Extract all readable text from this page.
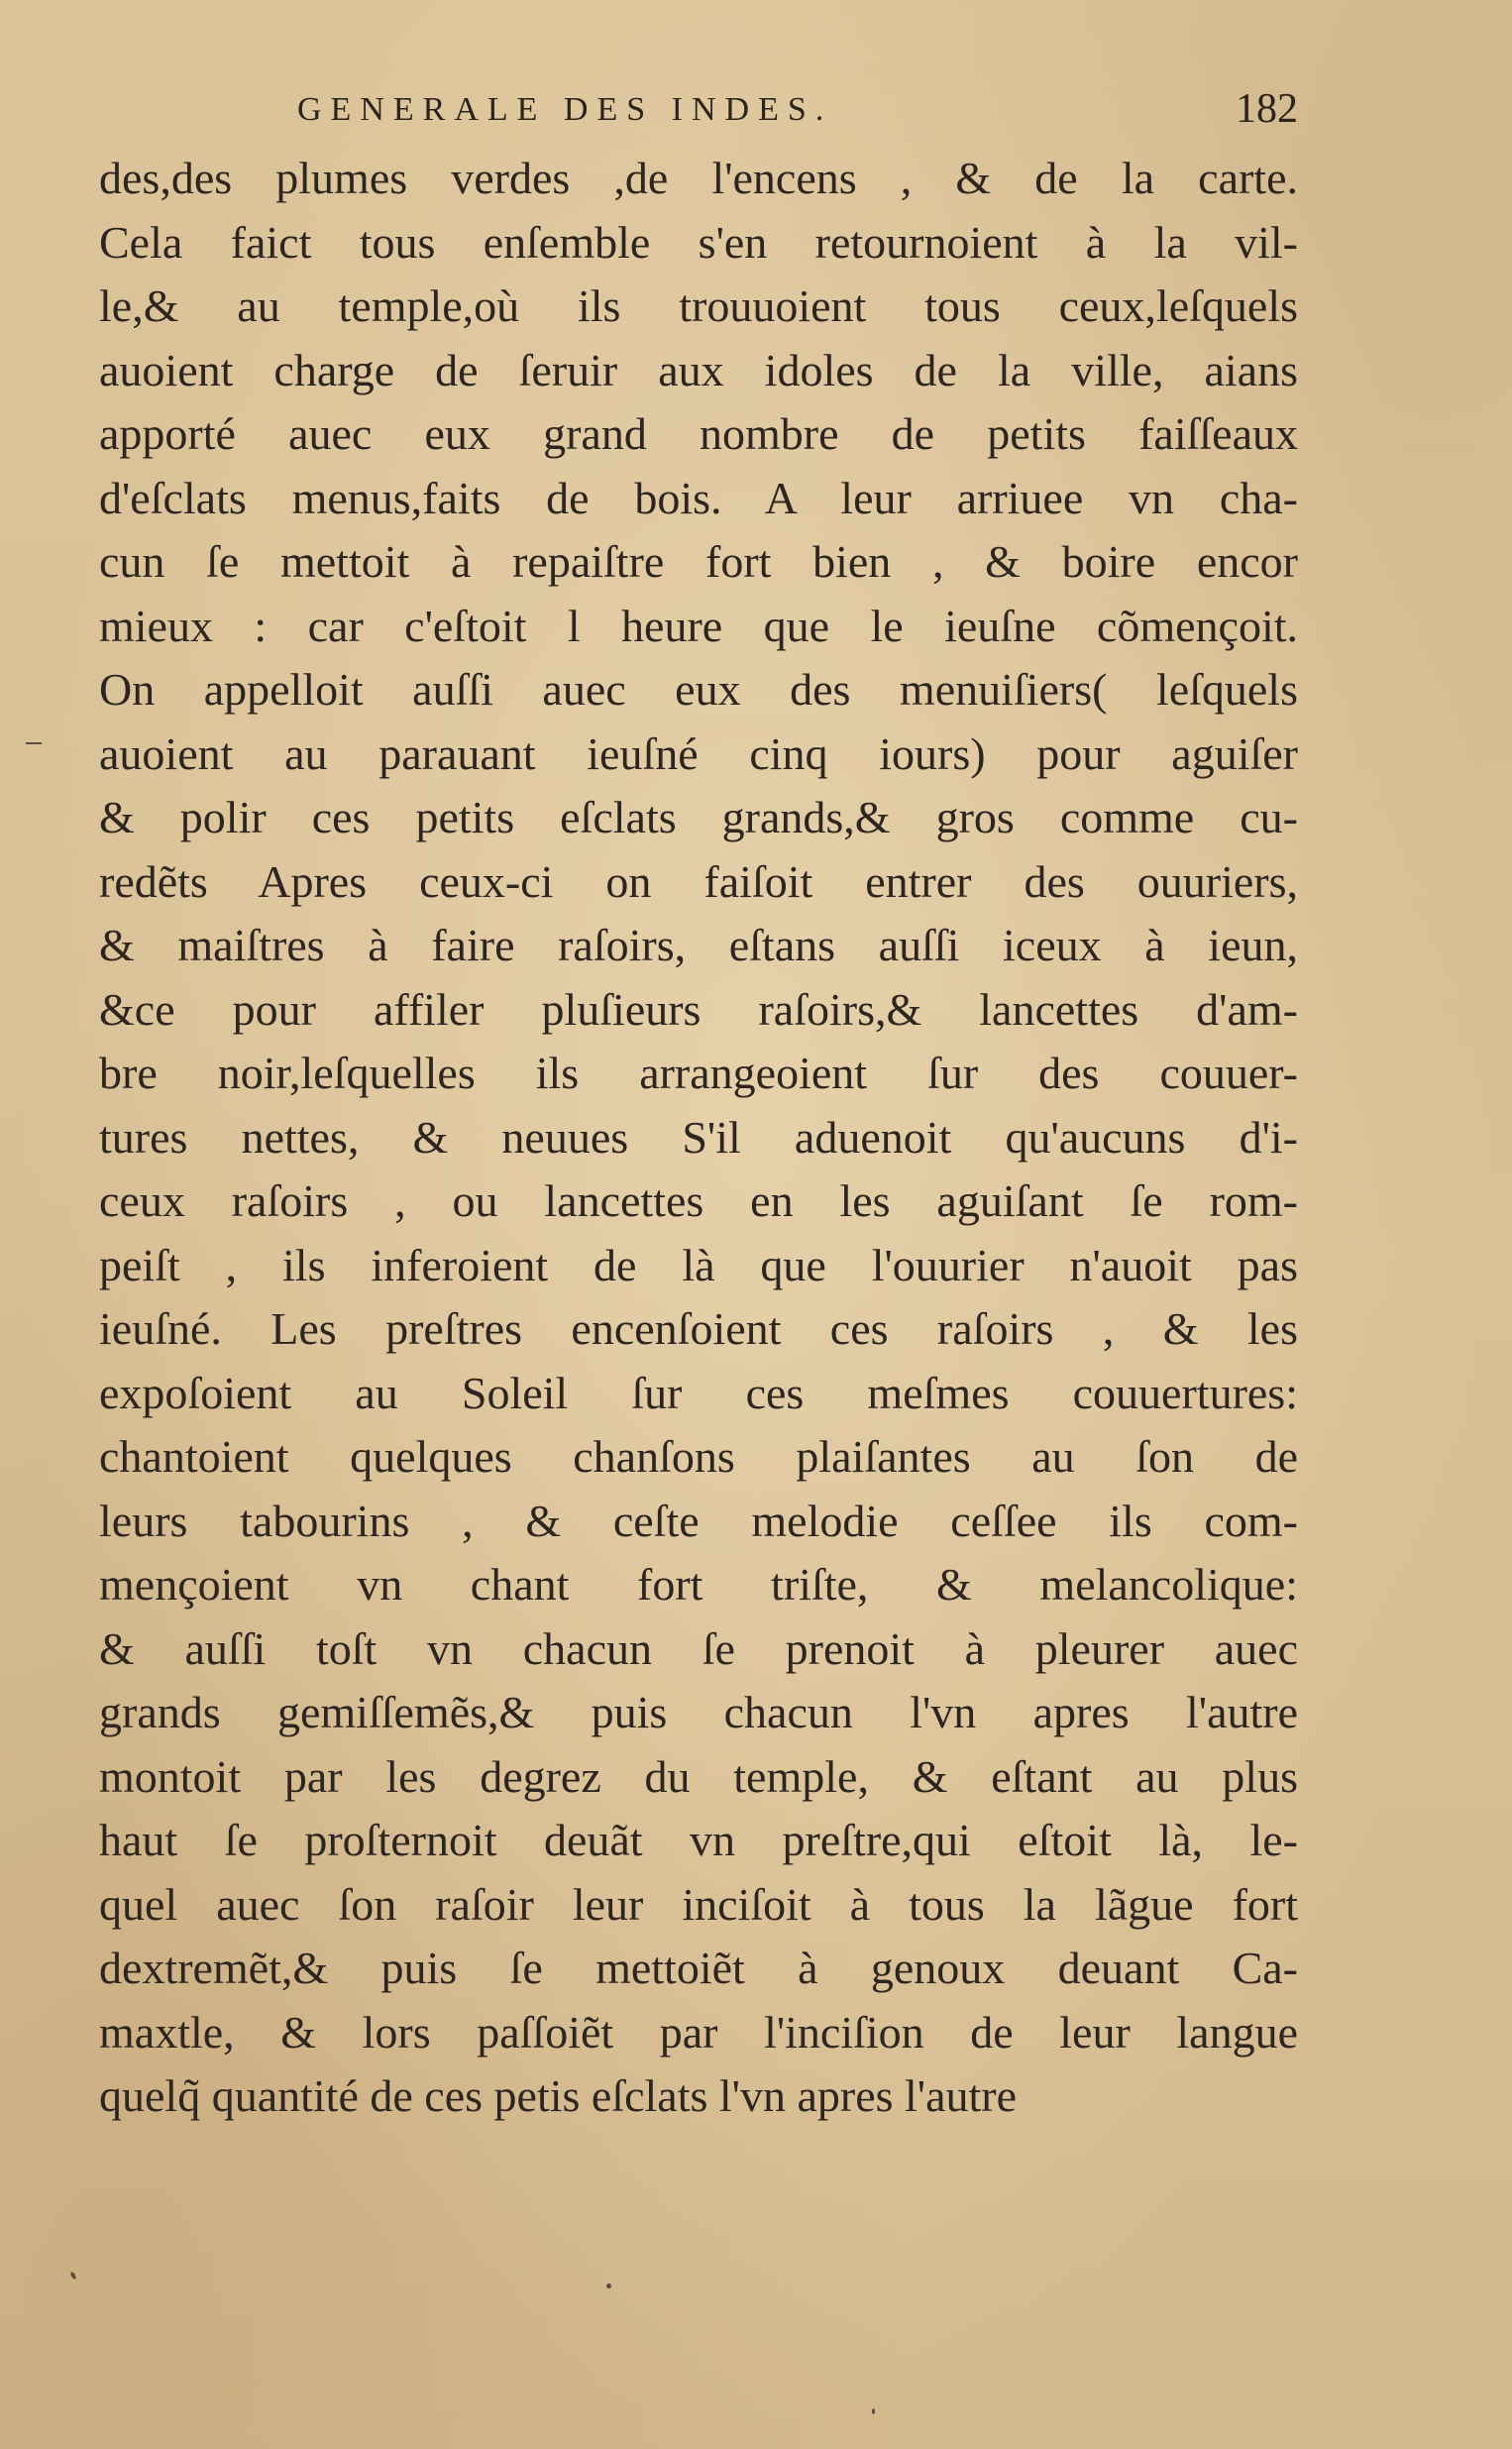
GENERALE DES INDES.	182
des,des plumes verdes ,de l'encens , & de la carte.
Cela faict tous enſemble s'en retournoient à la vil-
le,& au temple,où ils trouuoient tous ceux,leſquels
auoient charge de ſeruir aux idoles de la ville, aians
apporté auec eux grand nombre de petits faiſſeaux
d'eſclats menus,faits de bois. A leur arriuee vn cha-
cun ſe mettoit à repaiſtre fort bien , & boire encor
mieux : car c'eſtoit l heure que le ieuſne cõmençoit.
On appelloit auſſi auec eux des menuiſiers( leſquels
auoient au parauant ieuſné cinq iours) pour aguiſer
& polir ces petits eſclats grands,& gros comme cu-
redẽts Apres ceux-ci on faiſoit entrer des ouuriers,
& maiſtres à faire raſoirs, eſtans auſſi iceux à ieun,
&ce pour affiler pluſieurs raſoirs,& lancettes d'am-
bre noir,leſquelles ils arrangeoient ſur des couuer-
tures nettes, & neuues S'il aduenoit qu'aucuns d'i-
ceux raſoirs , ou lancettes en les aguiſant ſe rom-
peiſt , ils inferoient de là que l'ouurier n'auoit pas
ieuſné. Les preſtres encenſoient ces raſoirs , & les
expoſoient au Soleil ſur ces meſmes couuertures:
chantoient quelques chanſons plaiſantes au ſon de
leurs tabourins , & ceſte melodie ceſſee ils com-
mençoient vn chant fort triſte, & melancolique:
& auſſi toſt vn chacun ſe prenoit à pleurer auec
grands gemiſſemẽs,& puis chacun l'vn apres l'autre
montoit par les degrez du temple, & eſtant au plus
haut ſe proſternoit deuãt vn preſtre,qui eſtoit là, le-
quel auec ſon raſoir leur inciſoit à tous la lãgue fort
dextremẽt,& puis ſe mettoiẽt à genoux deuant Ca-
maxtle, & lors paſſoiẽt par l'inciſion de leur langue
quelq̃ quantité de ces petis eſclats l'vn apres l'autre
